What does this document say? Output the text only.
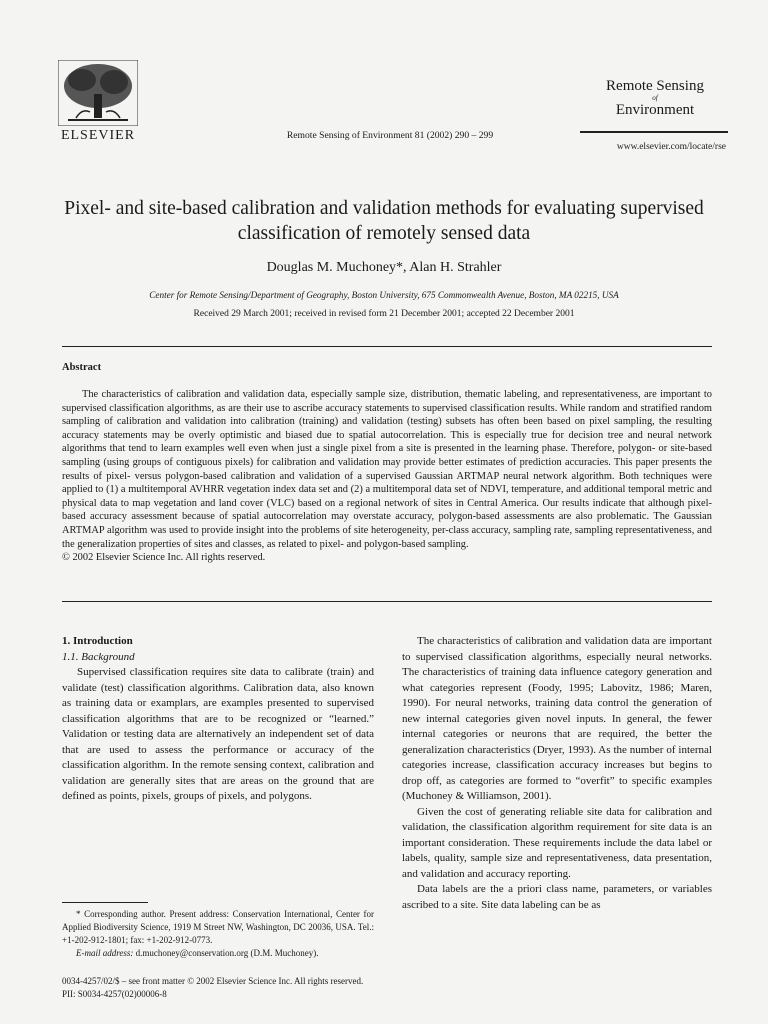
ELSEVIER	Remote Sensing of Environment 81 (2002) 290 – 299
Remote Sensing
of
Environment
www.elsevier.com/locate/rse
Pixel- and site-based calibration and validation methods for evaluating supervised classification of remotely sensed data
Douglas M. Muchoney*, Alan H. Strahler
Center for Remote Sensing/Department of Geography, Boston University, 675 Commonwealth Avenue, Boston, MA 02215, USA
Received 29 March 2001; received in revised form 21 December 2001; accepted 22 December 2001
Abstract

The characteristics of calibration and validation data, especially sample size, distribution, thematic labeling, and representativeness, are important to supervised classification algorithms, as are their use to ascribe accuracy statements to supervised classification results. While random and stratified random sampling of calibration and validation into calibration (training) and validation (testing) subsets has often been based on pixel sampling, the resulting accuracy statements may be overly optimistic and biased due to spatial autocorrelation. This is especially true for decision tree and neural network algorithms that tend to learn examples well even when just a single pixel from a site is presented in the learning phase. Therefore, polygon- or site-based sampling (using groups of contiguous pixels) for calibration and validation may provide better estimates of prediction accuracies. This paper presents the results of pixel- versus polygon-based calibration and validation of a supervised Gaussian ARTMAP neural network algorithm. Both techniques were applied to (1) a multitemporal AVHRR vegetation index data set and (2) a multitemporal data set of NDVI, temperature, and additional temporal metric and physical data to map vegetation and land cover (VLC) based on a regional network of sites in Central America. Our results indicate that although pixel-based accuracy assessment because of spatial autocorrelation may overstate accuracy, polygon-based assessments are also problematic. The Gaussian ARTMAP algorithm was used to provide insight into the problems of site heterogeneity, per-class accuracy, sampling rate, sampling representativeness, and the generalization properties of sites and classes, as related to pixel- and polygon-based sampling.

© 2002 Elsevier Science Inc. All rights reserved.

1. Introduction

1.1. Background

Supervised classification requires site data to calibrate (train) and validate (test) classification algorithms. Calibration data, also known as training data or examplars, are examples presented to supervised classification algorithms that are to be recognized or “learned.” Validation or testing data are alternatively an independent set of data that are used to assess the performance or accuracy of the classification algorithm. In the remote sensing context, calibration and validation are generally sites that are areas on the ground that are defined as points, pixels, groups of pixels, and polygons.

* Corresponding author. Present address: Conservation International, Center for Applied Biodiversity Science, 1919 M Street NW, Washington, DC 20036, USA. Tel.: +1-202-912-1801; fax: +1-202-912-0773.

E-mail address: d.muchoney@conservation.org (D.M. Muchoney).

The characteristics of calibration and validation data are important to supervised classification algorithms, especially neural networks. The characteristics of training data influence category generation and what categories represent (Foody, 1995; Labovitz, 1986; Maren, 1990). For neural networks, training data control the generation of new internal categories given novel inputs. In general, the fewer internal categories or neurons that are required, the better the generalization characteristics (Dryer, 1993). As the number of internal categories increase, classification accuracy increases but begins to drop off, as categories are formed to “overfit” to specific examples (Muchoney & Williamson, 2001).

Given the cost of generating reliable site data for calibration and validation, the classification algorithm requirement for site data is an important consideration. These requirements include the data label or labels, quality, sample size and representativeness, data presentation, and validation and accuracy reporting.

Data labels are the a priori class name, parameters, or variables ascribed to a site. Site data labeling can be as

0034-4257/02/$ – see front matter © 2002 Elsevier Science Inc. All rights reserved.
PII: S0034-4257(02)00006-8
